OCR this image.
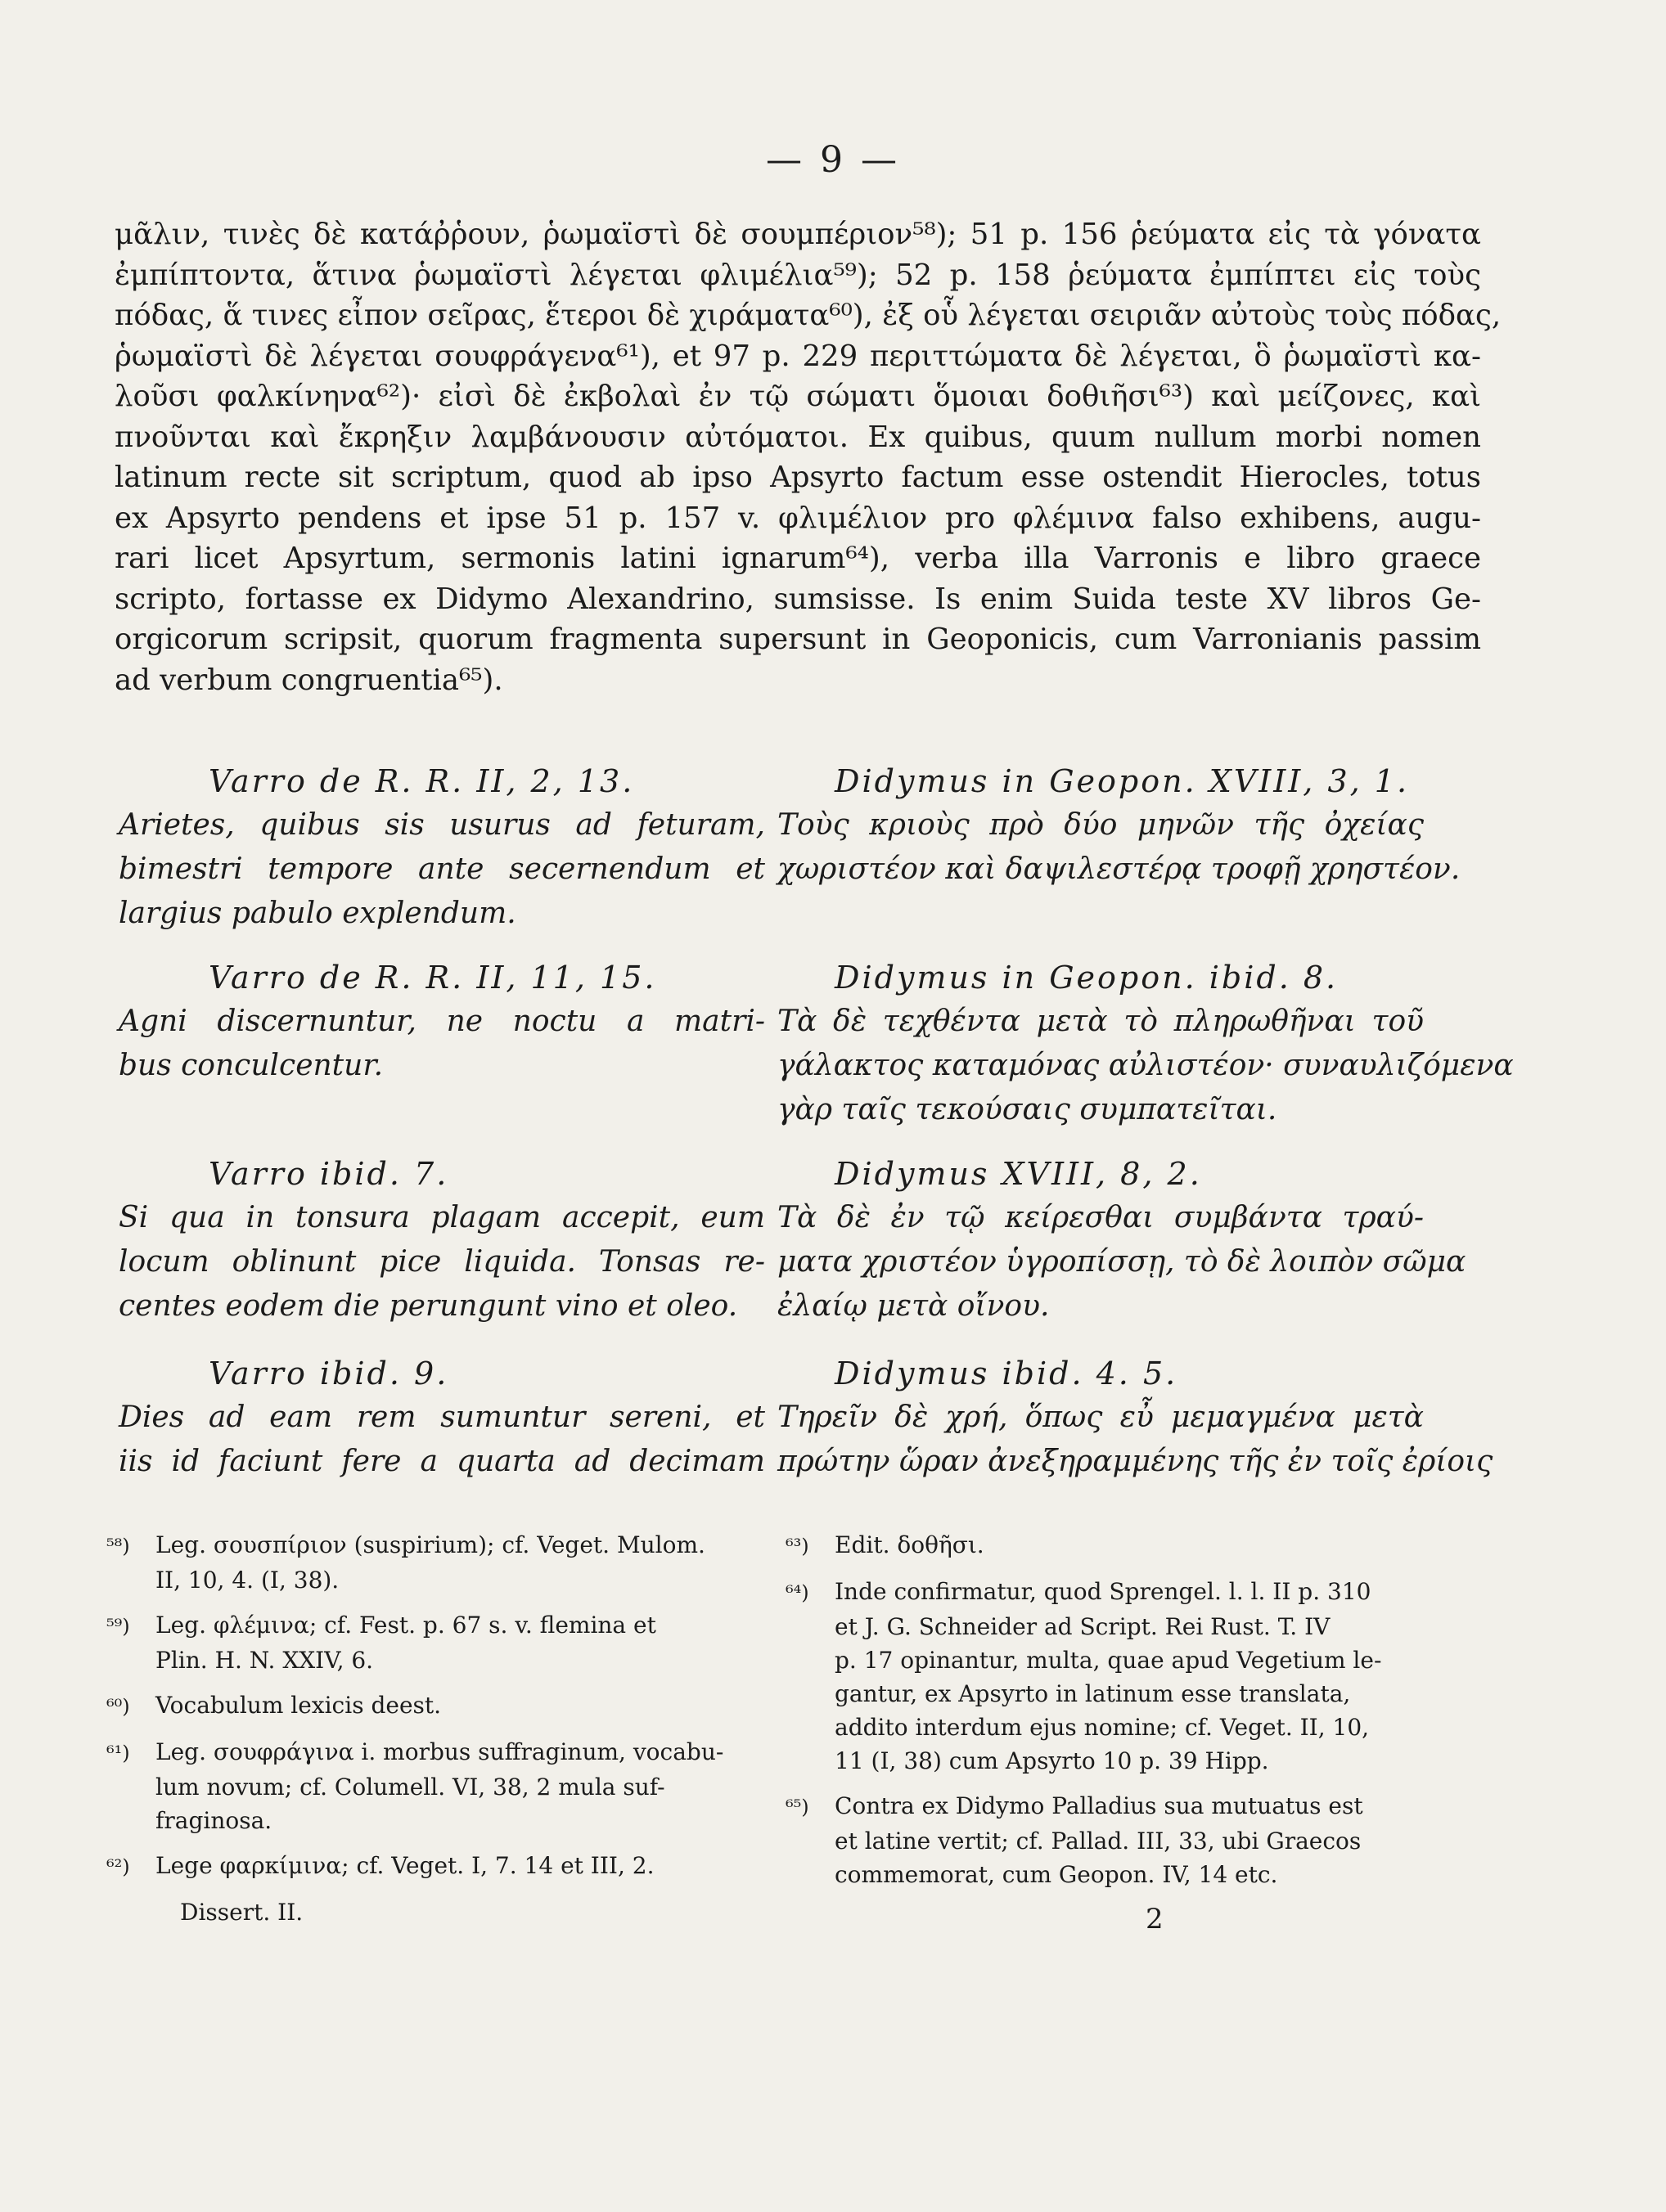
— 9 —
μᾶλιν, τινὲς δὲ κατάῤῥουν, ῥωμαϊστὶ δὲ σουμπέριον⁵⁸); 51 p. 156 ῥεύματα εἰς τὰ γόνατα
ἐμπίπτοντα, ἅτινα ῥωμαϊστὶ λέγεται φλιμέλια⁵⁹); 52 p. 158 ῥεύματα ἐμπίπτει εἰς τοὺς
πόδας, ἅ τινες εἶπον σεῖρας, ἕτεροι δὲ χιράματα⁶⁰), ἐξ οὗ λέγεται σειριᾶν αὐτοὺς τοὺς πόδας,
ῥωμαϊστὶ δὲ λέγεται σουφράγενα⁶¹), et 97 p. 229 περιττώματα δὲ λέγεται, ὃ ῥωμαϊστὶ κα-
λοῦσι φαλκίνηνα⁶²)· εἰσὶ δὲ ἐκβολαὶ ἐν τῷ σώματι ὅμοιαι δοθιῆσι⁶³) καὶ μείζονες, καὶ
πνοῦνται καὶ ἔκρηξιν λαμβάνουσιν αὐτόματοι. Ex quibus, quum nullum morbi nomen
latinum recte sit scriptum, quod ab ipso Apsyrto factum esse ostendit Hierocles, totus
ex Apsyrto pendens et ipse 51 p. 157 v. φλιμέλιον pro φλέμινα falso exhibens, augu-
rari licet Apsyrtum, sermonis latini ignarum⁶⁴), verba illa Varronis e libro graece
scripto, fortasse ex Didymo Alexandrino, sumsisse. Is enim Suida teste XV libros Ge-
orgicorum scripsit, quorum fragmenta supersunt in Geoponicis, cum Varronianis passim
ad verbum congruentia⁶⁵).
Varro de R. R. II, 2, 13.
Arietes, quibus sis usurus ad feturam,
bimestri tempore ante secernendum et
largius pabulo explendum.
Didymus in Geopon. XVIII, 3, 1.
Τοὺς κριοὺς πρὸ δύο μηνῶν τῆς ὀχείας
χωριστέον καὶ δαψιλεστέρᾳ τροφῇ χρηστέον.
Varro de R. R. II, 11, 15.
Agni discernuntur, ne noctu a matri-
bus conculcentur.
Didymus in Geopon. ibid. 8.
Τὰ δὲ τεχθέντα μετὰ τὸ πληρωθῆναι τοῦ
γάλακτος καταμόνας αὐλιστέον· συναυλιζόμενα
γὰρ ταῖς τεκούσαις συμπατεῖται.
Varro ibid. 7.
Si qua in tonsura plagam accepit, eum
locum oblinunt pice liquida. Tonsas re-
centes eodem die perungunt vino et oleo.
Didymus XVIII, 8, 2.
Τὰ δὲ ἐν τῷ κείρεσθαι συμβάντα τραύ-
ματα χριστέον ὑγροπίσσῃ, τὸ δὲ λοιπὸν σῶμα
ἐλαίῳ μετὰ οἴνου.
Varro ibid. 9.
Dies ad eam rem sumuntur sereni, et
iis id faciunt fere a quarta ad decimam
Didymus ibid. 4. 5.
Τηρεῖν δὲ χρή, ὅπως εὖ μεμαγμένα μετὰ
πρώτην ὥραν ἀνεξηραμμένης τῆς ἐν τοῖς ἐρίοις
⁵⁸) Leg. σουσπίριον (suspirium); cf. Veget. Mulom.
II, 10, 4. (I, 38).
⁵⁹) Leg. φλέμινα; cf. Fest. p. 67 s. v. flemina et
Plin. H. N. XXIV, 6.
⁶⁰) Vocabulum lexicis deest.
⁶¹) Leg. σουφράγινα i. morbus suffraginum, vocabu-
lum novum; cf. Columell. VI, 38, 2 mula suf-
fraginosa.
⁶²) Lege φαρκίμινα; cf. Veget. I, 7. 14 et III, 2.
Dissert. II.
⁶³) Edit. δοθῆσι.
⁶⁴) Inde confirmatur, quod Sprengel. l. l. II p. 310
et J. G. Schneider ad Script. Rei Rust. T. IV
p. 17 opinantur, multa, quae apud Vegetium le-
gantur, ex Apsyrto in latinum esse translata,
addito interdum ejus nomine; cf. Veget. II, 10,
11 (I, 38) cum Apsyrto 10 p. 39 Hipp.
⁶⁵) Contra ex Didymo Palladius sua mutuatus est
et latine vertit; cf. Pallad. III, 33, ubi Graecos
commemorat, cum Geopon. IV, 14 etc.
2
